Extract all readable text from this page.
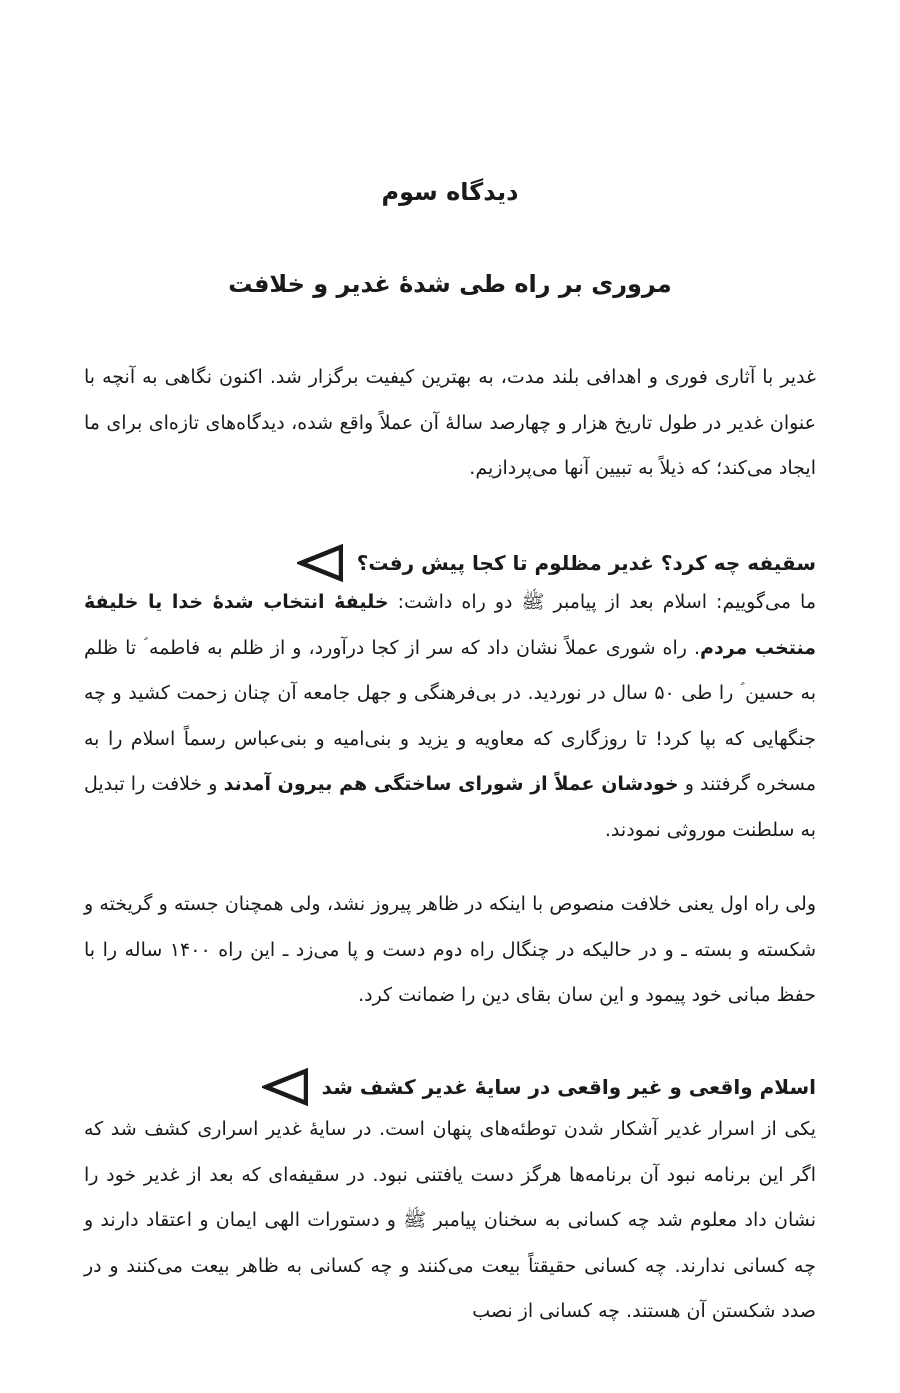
دیدگاه سوم
مروری بر راه طی شدۀ غدیر و خلافت

غدیر با آثاری فوری و اهدافی بلند مدت، به بهترین کیفیت برگزار شد. اکنون نگاهی به آنچه با عنوان غدیر در طول تاریخ هزار و چهارصد سالۀ آن عملاً واقع شده، دیدگاه‌های تازه‌ای برای ما ایجاد می‌کند؛ که ذیلاً به تبیین آنها می‌پردازیم.

سقیفه چه کرد؟ غدیر مظلوم تا کجا پیش رفت؟

ما می‌گوییم: اسلام بعد از پیامبر ﷺ دو راه داشت: خلیفۀ انتخاب شدۀ خدا یا خلیفۀ منتخب مردم. راه شوری عملاً نشان داد که سر از کجا درآورد، و از ظلم به فاطمه ؑ تا ظلم به حسین ؑ را طی ۵۰ سال در نوردید. در بی‌فرهنگی و جهل جامعه آن چنان زحمت کشید و چه جنگهایی که بپا کرد! تا روزگاری که معاویه و یزید و بنی‌امیه و بنی‌عباس رسماً اسلام را به مسخره گرفتند و خودشان عملاً از شورای ساختگی هم بیرون آمدند و خلافت را تبدیل به سلطنت موروثی نمودند.

ولی راه اول یعنی خلافت منصوص با اینکه در ظاهر پیروز نشد، ولی همچنان جسته و گریخته و شکسته و بسته ـ و در حالیکه در چنگال راه دوم دست و پا می‌زد ـ این راه ۱۴۰۰ ساله را با حفظ مبانی خود پیمود و این سان بقای دین را ضمانت کرد.

اسلام واقعی و غیر واقعی در سایۀ غدیر کشف شد

یکی از اسرار غدیر آشکار شدن توطئه‌های پنهان است. در سایۀ غدیر اسراری کشف شد که اگر این برنامه نبود آن برنامه‌ها هرگز دست یافتنی نبود. در سقیفه‌ای که بعد از غدیر خود را نشان داد معلوم شد چه کسانی به سخنان پیامبر ﷺ و دستورات الهی ایمان و اعتقاد دارند و چه کسانی ندارند. چه کسانی حقیقتاً بیعت می‌کنند و چه کسانی به ظاهر بیعت می‌کنند و در صدد شکستن آن هستند. چه کسانی از نصب
